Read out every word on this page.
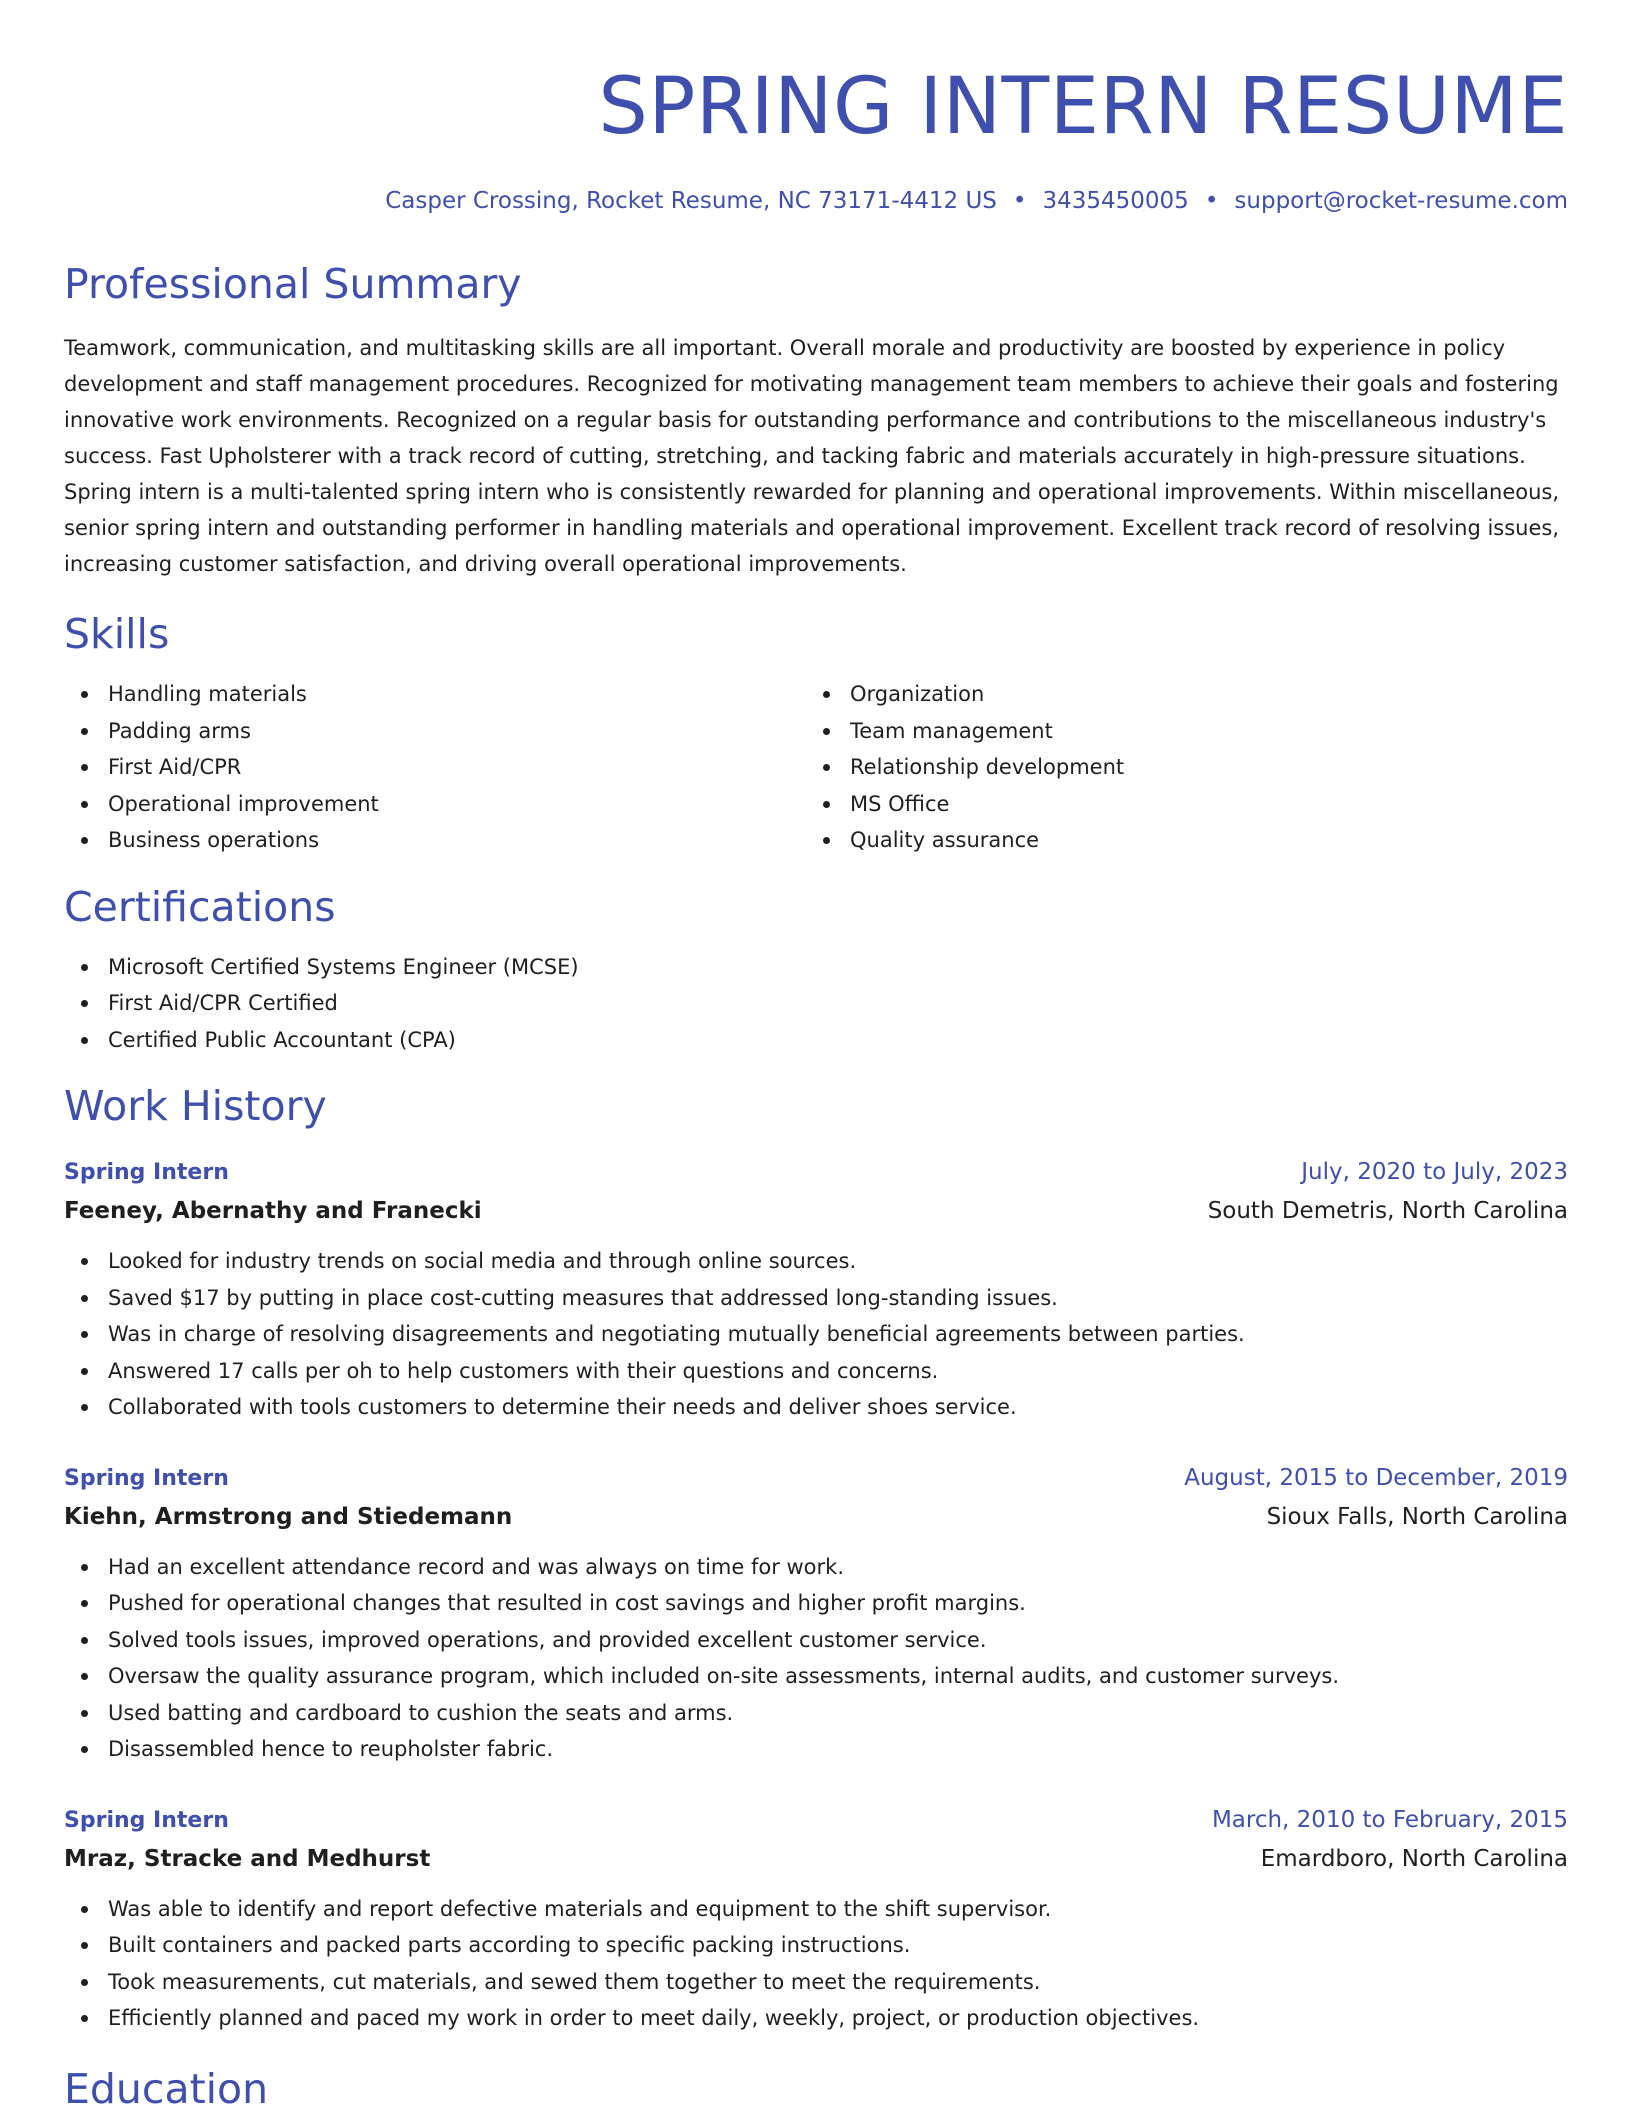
SPRING INTERN RESUME
Casper Crossing, Rocket Resume, NC 73171-4412 US • 3435450005 • support@rocket-resume.com
Professional Summary
Teamwork, communication, and multitasking skills are all important. Overall morale and productivity are boosted by experience in policy development and staff management procedures. Recognized for motivating management team members to achieve their goals and fostering innovative work environments. Recognized on a regular basis for outstanding performance and contributions to the miscellaneous industry's success. Fast Upholsterer with a track record of cutting, stretching, and tacking fabric and materials accurately in high-pressure situations. Spring intern is a multi-talented spring intern who is consistently rewarded for planning and operational improvements. Within miscellaneous, senior spring intern and outstanding performer in handling materials and operational improvement. Excellent track record of resolving issues, increasing customer satisfaction, and driving overall operational improvements.
Skills
Handling materials
Padding arms
First Aid/CPR
Operational improvement
Business operations
Organization
Team management
Relationship development
MS Office
Quality assurance
Certifications
Microsoft Certified Systems Engineer (MCSE)
First Aid/CPR Certified
Certified Public Accountant (CPA)
Work History
Spring Intern	July, 2020 to July, 2023
Feeney, Abernathy and Franecki	South Demetris, North Carolina
Looked for industry trends on social media and through online sources.
Saved $17 by putting in place cost-cutting measures that addressed long-standing issues.
Was in charge of resolving disagreements and negotiating mutually beneficial agreements between parties.
Answered 17 calls per oh to help customers with their questions and concerns.
Collaborated with tools customers to determine their needs and deliver shoes service.
Spring Intern	August, 2015 to December, 2019
Kiehn, Armstrong and Stiedemann	Sioux Falls, North Carolina
Had an excellent attendance record and was always on time for work.
Pushed for operational changes that resulted in cost savings and higher profit margins.
Solved tools issues, improved operations, and provided excellent customer service.
Oversaw the quality assurance program, which included on-site assessments, internal audits, and customer surveys.
Used batting and cardboard to cushion the seats and arms.
Disassembled hence to reupholster fabric.
Spring Intern	March, 2010 to February, 2015
Mraz, Stracke and Medhurst	Emardboro, North Carolina
Was able to identify and report defective materials and equipment to the shift supervisor.
Built containers and packed parts according to specific packing instructions.
Took measurements, cut materials, and sewed them together to meet the requirements.
Efficiently planned and paced my work in order to meet daily, weekly, project, or production objectives.
Education
